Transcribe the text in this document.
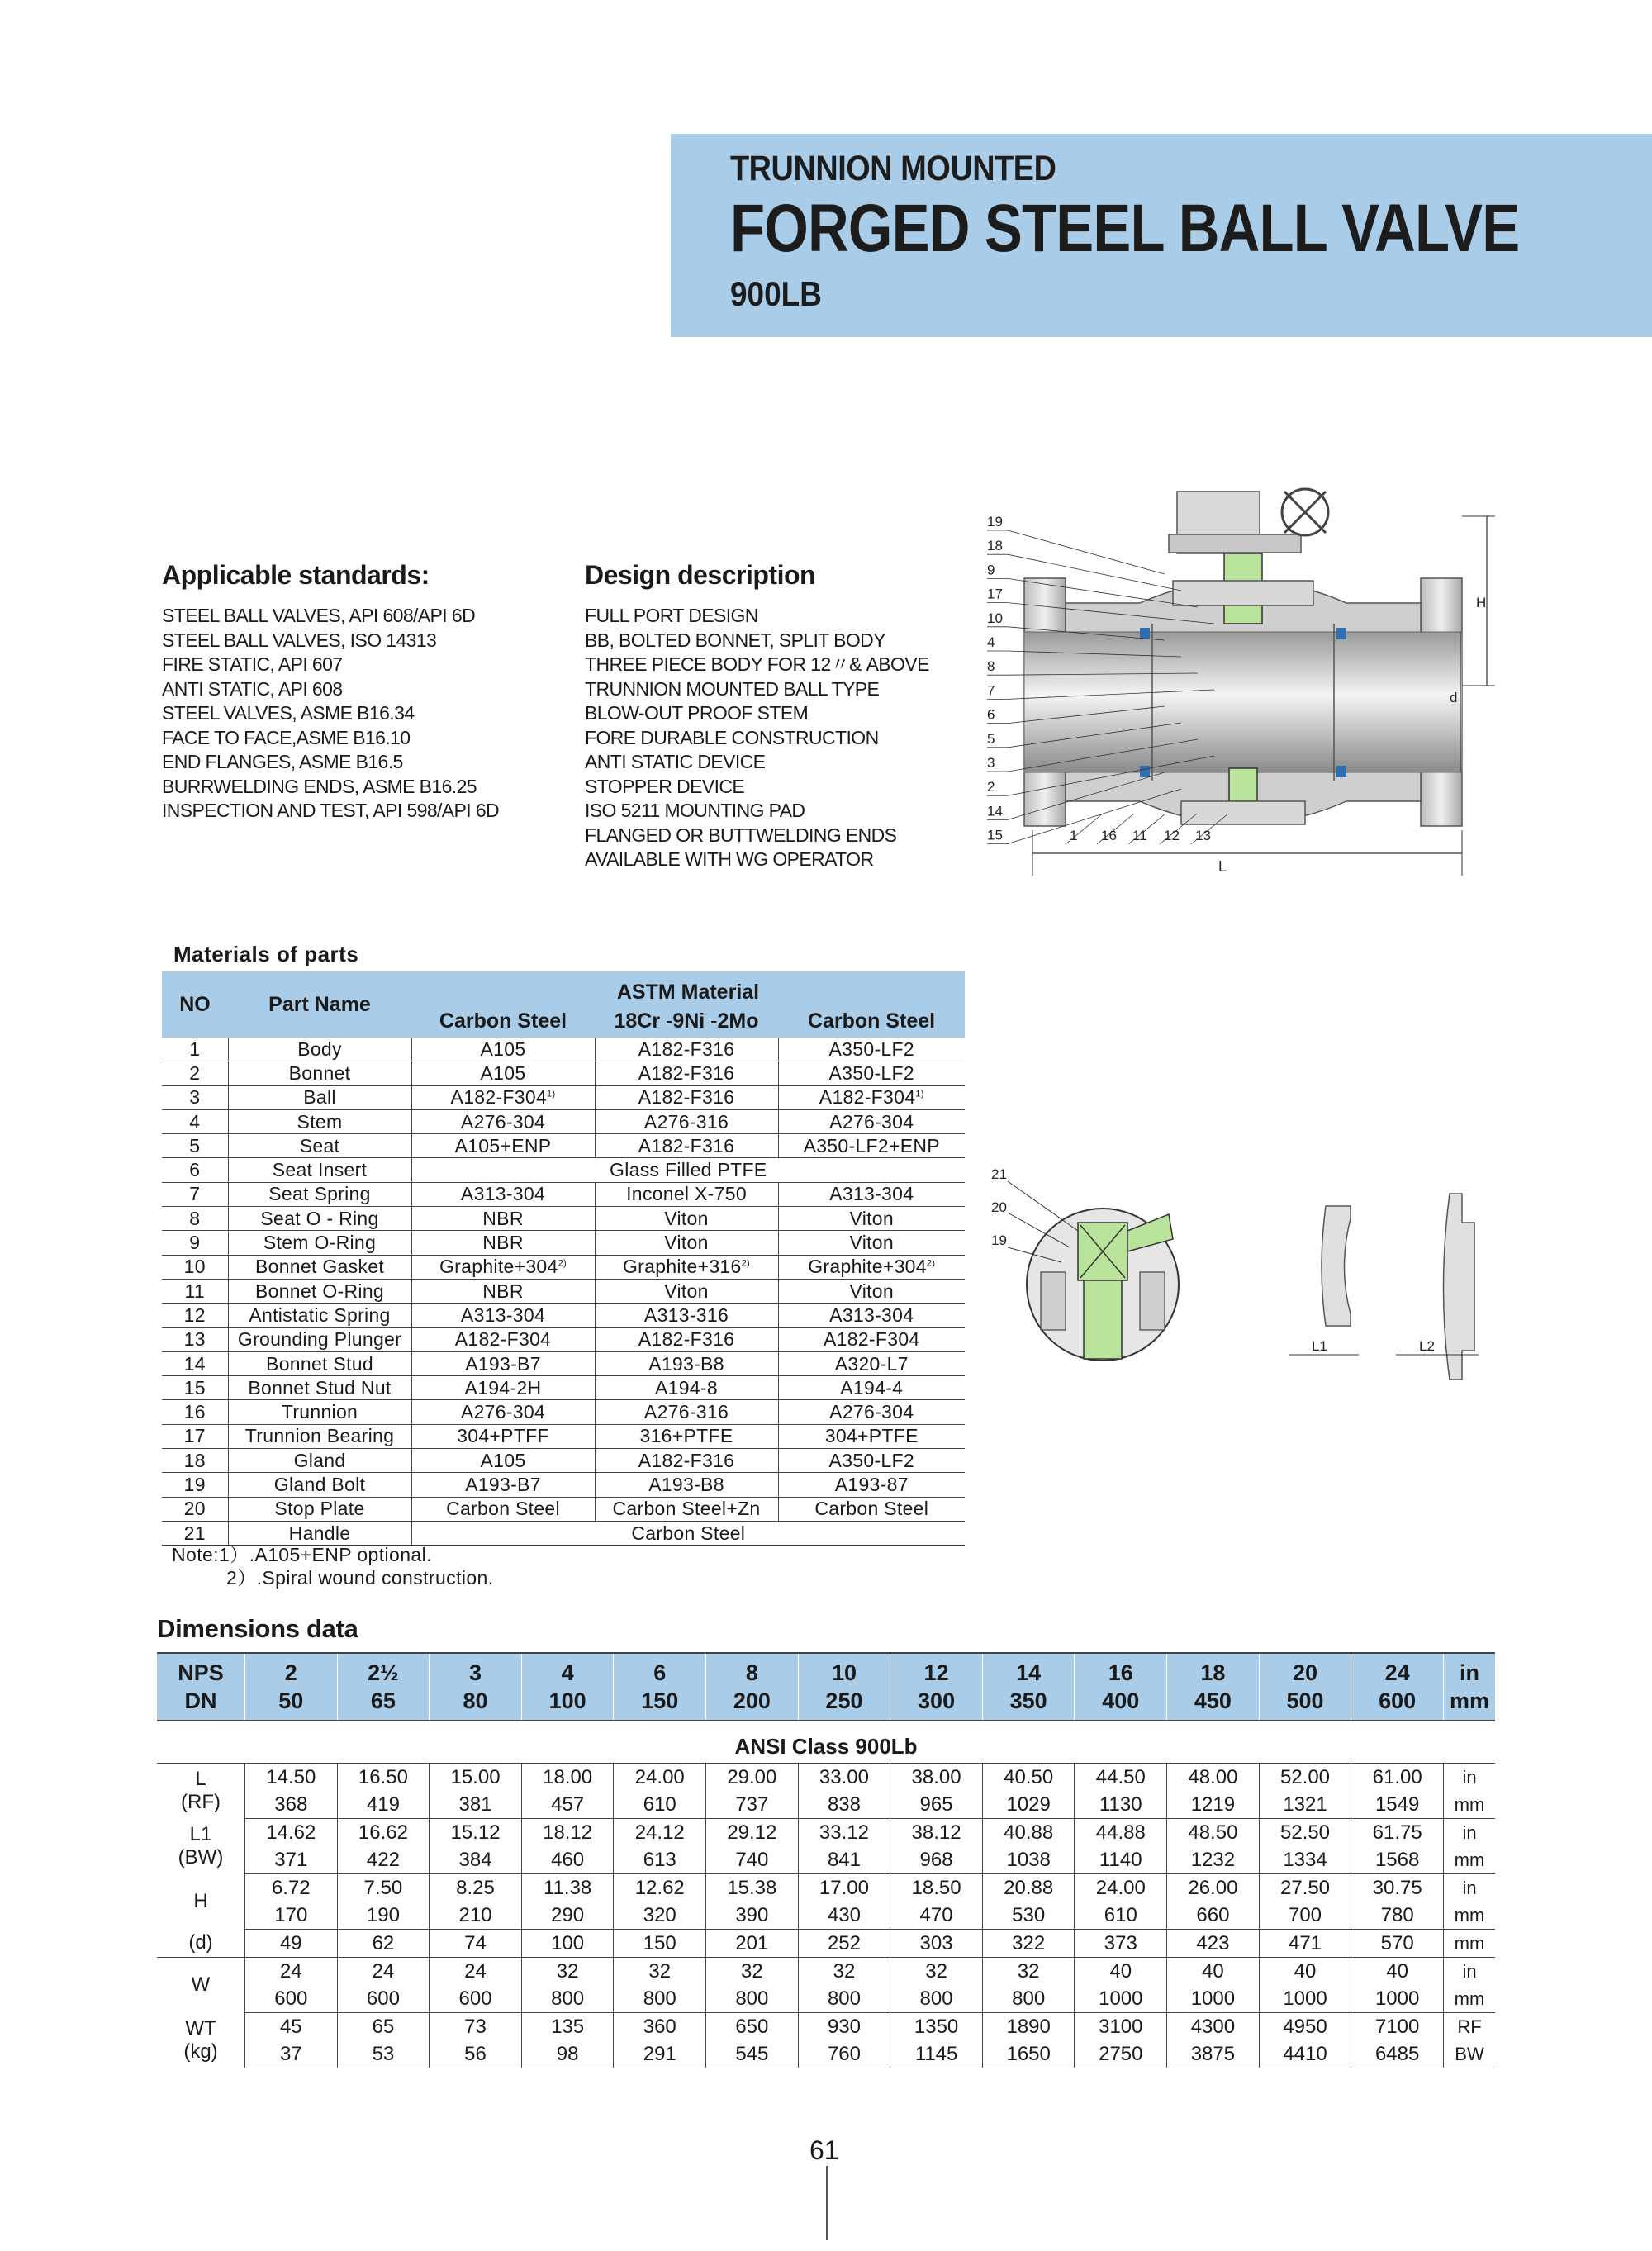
TRUNNION MOUNTED
FORGED STEEL BALL VALVE
900LB
Applicable standards:
STEEL BALL VALVES, API 608/API 6D
STEEL BALL VALVES, ISO 14313
FIRE STATIC, API 607
ANTI STATIC, API 608
STEEL VALVES, ASME B16.34
FACE TO FACE,ASME B16.10
END FLANGES, ASME B16.5
BURRWELDING ENDS, ASME B16.25
INSPECTION AND TEST, API 598/API 6D
Design description
FULL PORT DESIGN
BB, BOLTED BONNET, SPLIT BODY
THREE PIECE BODY FOR 12〃& ABOVE
TRUNNION MOUNTED BALL TYPE
BLOW-OUT PROOF STEM
FORE DURABLE CONSTRUCTION
ANTI STATIC DEVICE
STOPPER DEVICE
ISO 5211 MOUNTING PAD
FLANGED OR BUTTWELDING ENDS
AVAILABLE WITH WG OPERATOR
H
d
L
19
18
9
17
10
4
8
7
6
5
3
2
14
15	1 16 11 12 13
L1	L2
21
20
19
Materials of parts
NO	Part Name	ASTM Material		
		Carbon Steel	18Cr -9Ni -2Mo	Carbon Steel
1	Body	A105	A182-F316	A350-LF2
2	Bonnet	A105	A182-F316	A350-LF2
3	Ball	A182-F304$^{1)}$	A182-F316	A182-F304$^{1)}$
4	Stem	A276-304	A276-316	A276-304
5	Seat	A105+ENP	A182-F316	A350-LF2+ENP
6	Seat Insert	Glass Filled PTFE		
7	Seat Spring	A313-304	Inconel X-750	A313-304
8	Seat O - Ring	NBR	Viton	Viton
9	Stem O-Ring	NBR	Viton	Viton
10	Bonnet Gasket	$Graphite+304^{2)}$	$Graphite+316^{2)}$	$Graphite+304^{2)}$
11	Bonnet O-Ring	NBR	Viton	Viton
12	Antistatic Spring	A313-304	A313-316	A313-304
13	Grounding Plunger	A182-F304	A182-F316	A182-F304
14	Bonnet Stud	A193-B7	A193-B8	A320-L7
15	Bonnet Stud Nut	A194-2H	A194-8	A194-4
16	Trunnion	A276-304	A276-316	A276-304
17	Trunnion Bearing	304+PTFF	316+PTFE	304+PTFE
18	Gland	A105	A182-F316	A350-LF2
19	Gland Bolt	A193-B7	A193-B8	A193-87
20	Stop Plate	Carbon Steel	Carbon Steel+Zn	Carbon Steel
21	Handle	Carbon Steel		
Note:1）.A105+ENP optional.
2）.Spiral wound construction.
Dimensions data
NPS	2	2½	3	4	6	8	10	12	14	16	18	20	24	in
DN	50	65	80	100	150	200	250	300	350	400	450	500	600	mm
ANSI Class 900Lb														

L
(RF)	14.50	16.50	15.00	18.00	24.00	29.00	33.00	38.00	40.50	44.50	48.00	52.00	61.00	in
	368	419	381	457	610	737	838	965	1029	1130	1219	1321	1549	mm

L1
(BW)	14.62	16.62	15.12	18.12	24.12	29.12	33.12	38.12	40.88	44.88	48.50	52.50	61.75	in
	371	422	384	460	613	740	841	968	1038	1140	1232	1334	1568	mm

H	6.72	7.50	8.25	11.38	12.62	15.38	17.00	18.50	20.88	24.00	26.00	27.50	30.75	in
	170	190	210	290	320	390	430	470	530	610	660	700	780	mm

(d)	49	62	74	100	150	201	252	303	322	373	423	471	570	mm

W	24	24	24	32	32	32	32	32	32	40	40	40	40	in
	600	600	600	800	800	800	800	800	800	1000	1000	1000	1000	mm

WT
(kg)	45	65	73	135	360	650	930	1350	1890	3100	4300	4950	7100	RF
	37	53	56	98	291	545	760	1145	1650	2750	3875	4410	6485	BW
61
